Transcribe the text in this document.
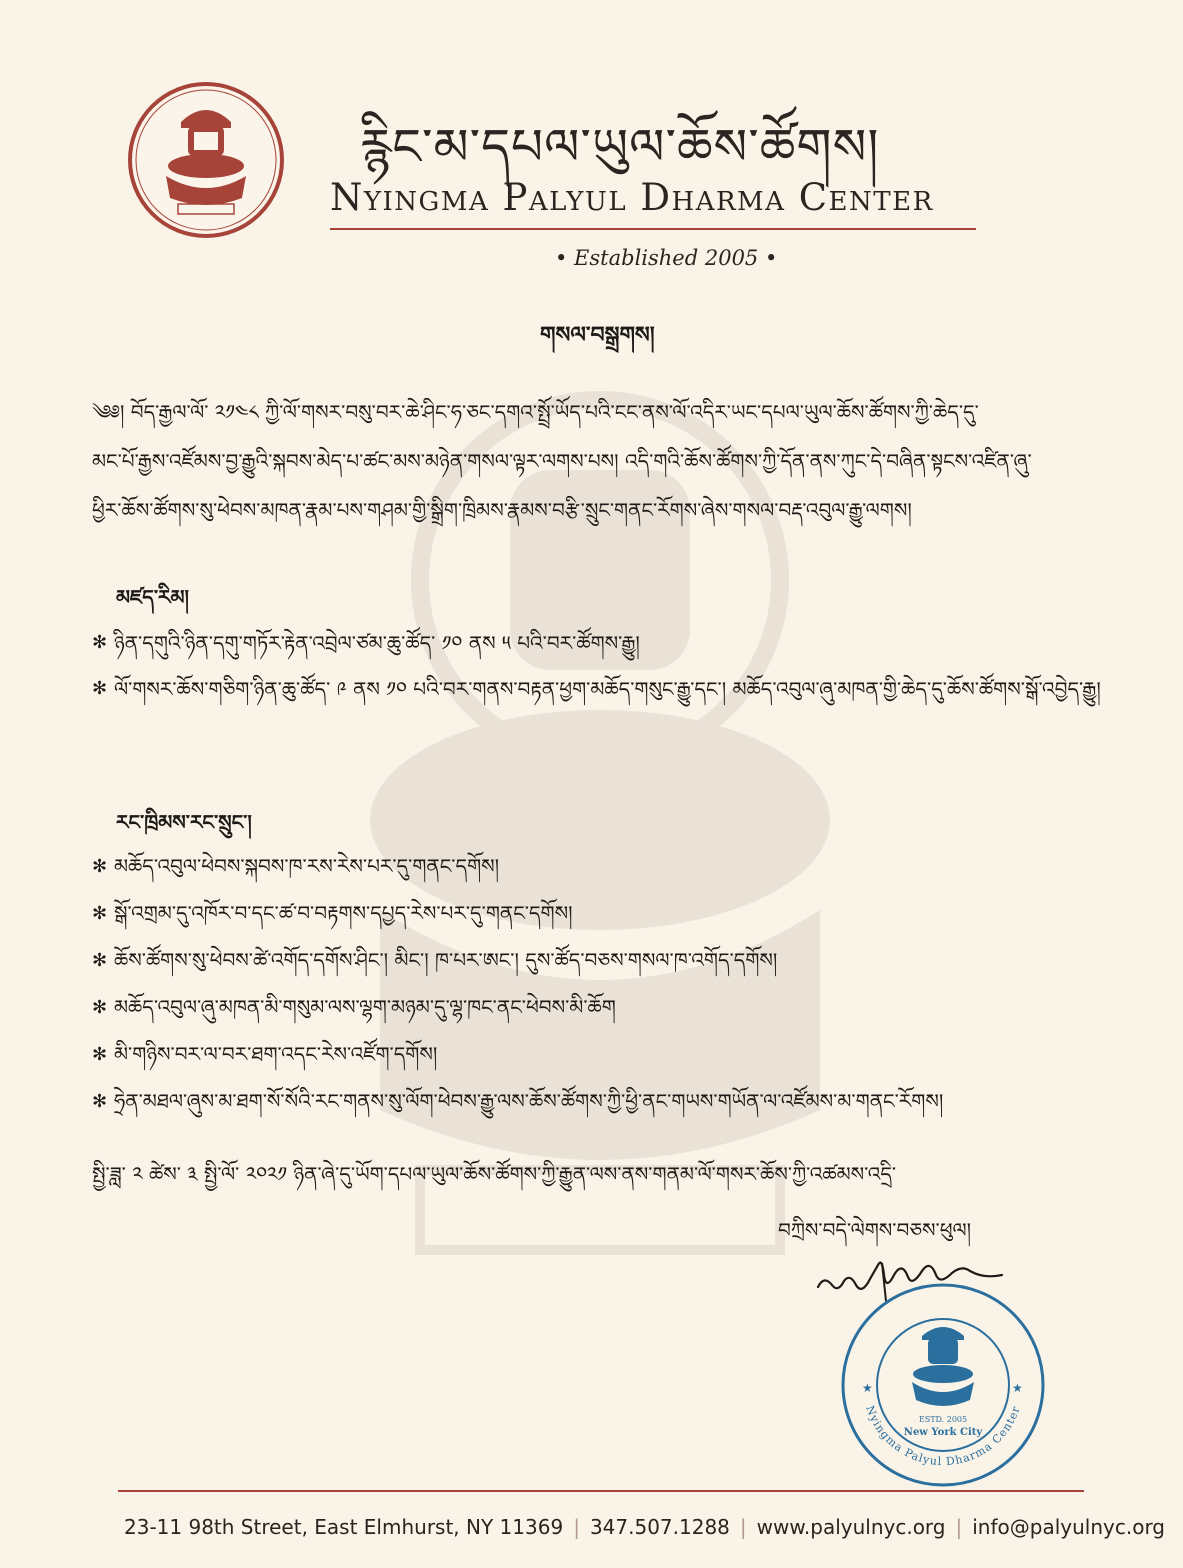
རྙིང་མ་དཔལ་ཡུལ་ཆོས་ཚོགས།
Nyingma Palyul Dharma Center
• Established 2005 •
གསལ་བསྒྲགས།

༄༅། བོད་རྒྱལ་ལོ་ ༢༡༤༨ ཀྱི་ལོ་གསར་བསུ་བར་ཆེ་ཤིང་ཧ་ཅང་དགའ་སྤྲོ་ཡོད་པའི་ངང་ནས་ལོ་འདིར་ཡང་དཔལ་ཡུལ་ཆོས་ཚོགས་ཀྱི་ཆེད་དུ་

མང་པོ་རྒྱས་འཛོམས་བྱ་རྒྱུའི་སྐབས་མེད་པ་ཚང་མས་མཉེན་གསལ་ལྟར་ལགས་པས། འདི་གའི་ཆོས་ཚོགས་ཀྱི་དོན་ནས་ཀུང་དེ་བཞིན་སྟངས་འཛིན་ཞུ་

ཕྱིར་ཆོས་ཚོགས་སུ་ཕེབས་མཁན་རྣམ་པས་གཤམ་གྱི་སྒྲིག་ཁྲིམས་རྣམས་བརྩི་སྲུང་གནང་རོགས་ཞེས་གསལ་བརྡ་འབུལ་རྒྱུ་ལགས།

མཛད་རིམ།
✻ ཉིན་དགུའི་ཉིན་དགུ་གཏོར་རྟེན་འབྲེལ་ཙམ་ཆུ་ཚོད་ ༡༠ ནས ༥ པའི་བར་ཚོགས་རྒྱུ།
✻ ལོ་གསར་ཆོས་གཅིག་ཉིན་ཆུ་ཚོད་ ༩ ནས ༡༠ པའི་བར་གནས་བརྟན་ཕྱག་མཆོད་གསུང་རྒྱུ་དང་། མཆོད་འབུལ་ཞུ་མཁན་གྱི་ཆེད་དུ་ཆོས་ཚོགས་སྒོ་འབྱེད་རྒྱུ།
རང་ཁྲིམས་རང་སྲུང་།
✻ མཆོད་འབུལ་ཕེབས་སྐབས་ཁ་རས་རེས་པར་དུ་གནང་དགོས།
✻ སྒོ་འགྲམ་དུ་འཁོར་བ་དང་ཚ་བ་བརྟགས་དཔྱད་རེས་པར་དུ་གནང་དགོས།
✻ ཆོས་ཚོགས་སུ་ཕེབས་ཚེ་འགོད་དགོས་ཤིང་། མིང་། ཁ་པར་ཨང་། དུས་ཚོད་བཅས་གསལ་ཁ་འགོད་དགོས།
✻ མཆོད་འབུལ་ཞུ་མཁན་མི་གསུམ་ལས་ལྷག་མཉམ་དུ་ལྷ་ཁང་ནང་ཕེབས་མི་ཆོག
✻ མི་གཉིས་བར་ལ་བར་ཐག་འདང་རེས་འཛོག་དགོས།
✻ ཧྲེན་མཐལ་ཞུས་མ་ཐག་སོ་སོའི་རང་གནས་སུ་ལོག་ཕེབས་རྒྱུ་ལས་ཆོས་ཚོགས་ཀྱི་ཕྱི་ནང་གཡས་གཡོན་ལ་འཛོམས་མ་གནང་རོགས།
སྤྱི་ཟླ་ ༢ ཚེས་ ༣ སྤྱི་ལོ་ ༢༠༢༡ ཉིན་ཞེ་དུ་ཡོག་དཔལ་ཡུལ་ཆོས་ཚོགས་ཀྱི་རྒྱུན་ལས་ནས་གནམ་ལོ་གསར་ཆོས་ཀྱི་འཚམས་འདྲི་
བཀྲིས་བདེ་ལེགས་བཅས་ཕུལ།
ESTD. 2005
New York City
Nyingma Palyul Dharma Center
★	★
23-11 98th Street, East Elmhurst, NY 11369 | 347.507.1288 | www.palyulnyc.org | info@palyulnyc.org
